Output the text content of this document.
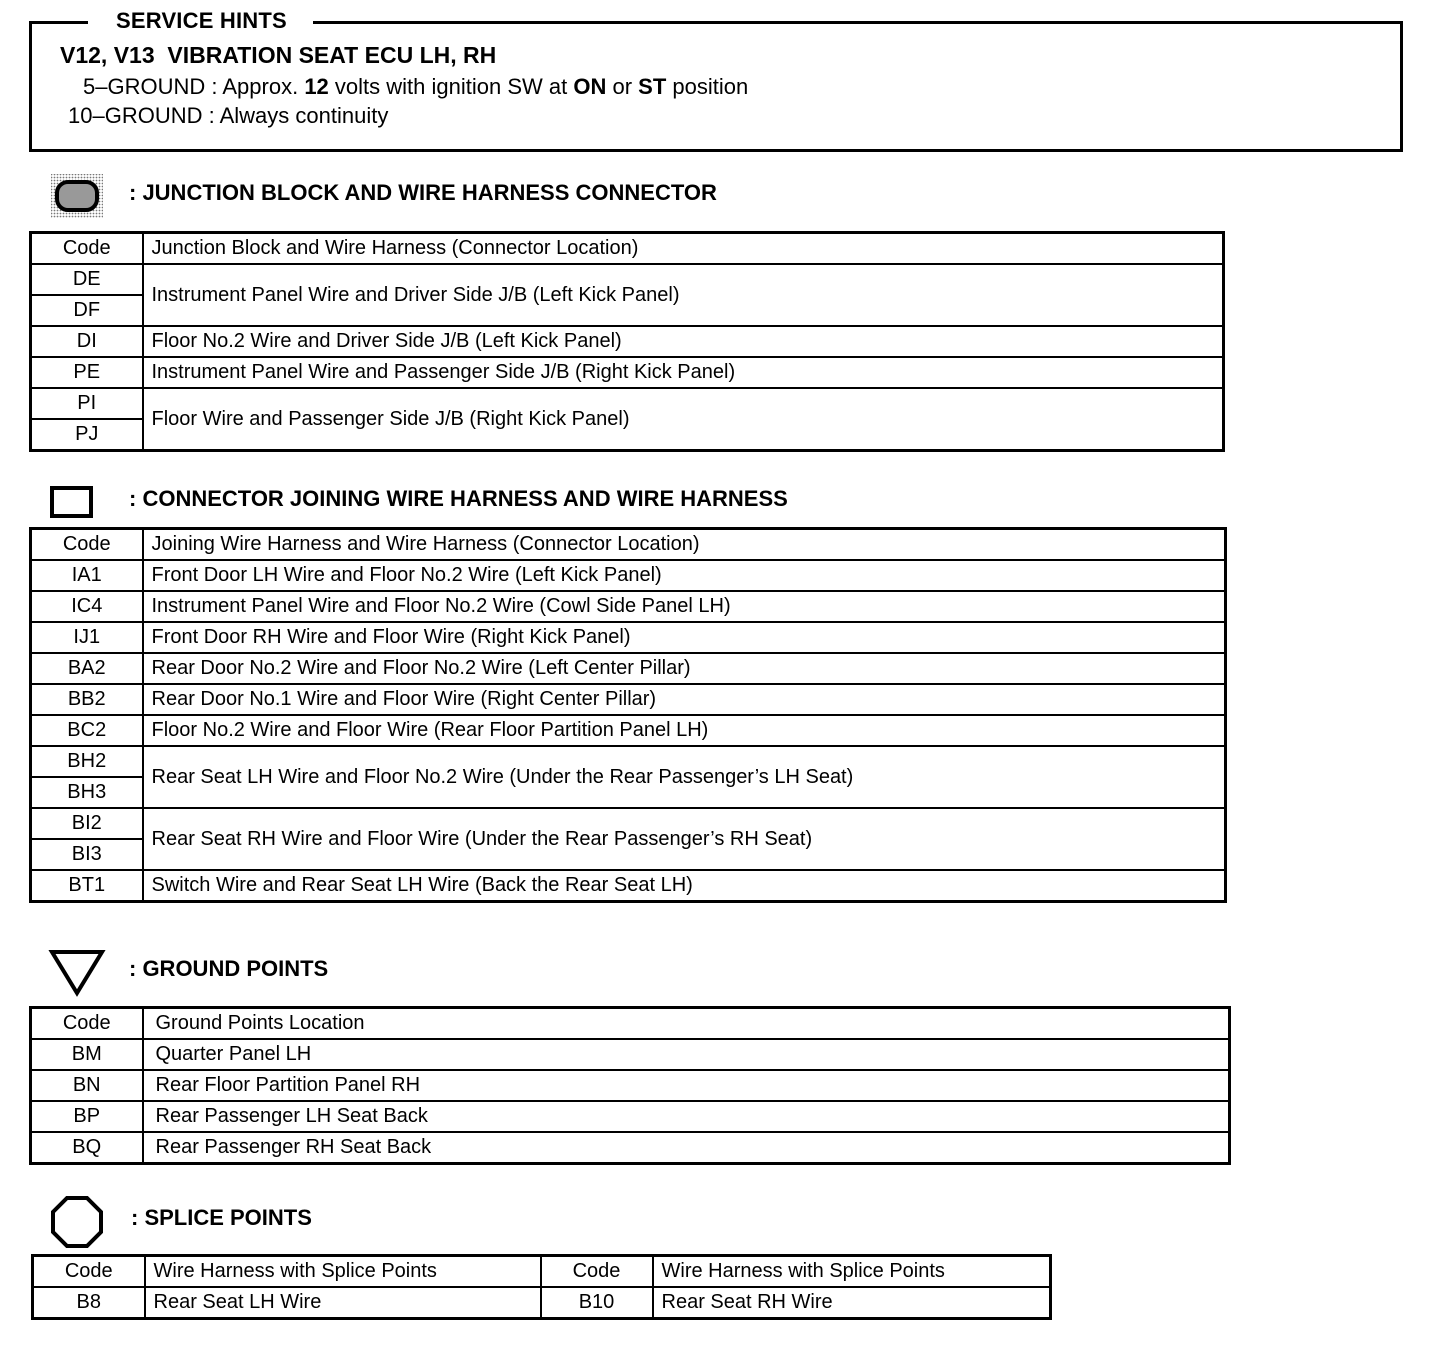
SERVICE HINTS
V12, V13  VIBRATION SEAT ECU LH, RH
5–GROUND : Approx. 12 volts with ignition SW at ON or ST position
10–GROUND : Always continuity
: JUNCTION BLOCK AND WIRE HARNESS CONNECTOR
Code	Junction Block and Wire Harness (Connector Location)
DE	Instrument Panel Wire and Driver Side J/B (Left Kick Panel)
DF	
DI	Floor No.2 Wire and Driver Side J/B (Left Kick Panel)
PE	Instrument Panel Wire and Passenger Side J/B (Right Kick Panel)
PI	Floor Wire and Passenger Side J/B (Right Kick Panel)
PJ	
: CONNECTOR JOINING WIRE HARNESS AND WIRE HARNESS
Code	Joining Wire Harness and Wire Harness (Connector Location)
IA1	Front Door LH Wire and Floor No.2 Wire (Left Kick Panel)
IC4	Instrument Panel Wire and Floor No.2 Wire (Cowl Side Panel LH)
IJ1	Front Door RH Wire and Floor Wire (Right Kick Panel)
BA2	Rear Door No.2 Wire and Floor No.2 Wire (Left Center Pillar)
BB2	Rear Door No.1 Wire and Floor Wire (Right Center Pillar)
BC2	Floor No.2 Wire and Floor Wire (Rear Floor Partition Panel LH)
BH2	Rear Seat LH Wire and Floor No.2 Wire (Under the Rear Passenger’s LH Seat)
BH3	
BI2	Rear Seat RH Wire and Floor Wire (Under the Rear Passenger’s RH Seat)
BI3	
BT1	Switch Wire and Rear Seat LH Wire (Back the Rear Seat LH)
: GROUND POINTS
Code	Ground Points Location
BM	Quarter Panel LH
BN	Rear Floor Partition Panel RH
BP	Rear Passenger LH Seat Back
BQ	Rear Passenger RH Seat Back
: SPLICE POINTS
Code	Wire Harness with Splice Points	Code	Wire Harness with Splice Points
B8	Rear Seat LH Wire	B10	Rear Seat RH Wire
